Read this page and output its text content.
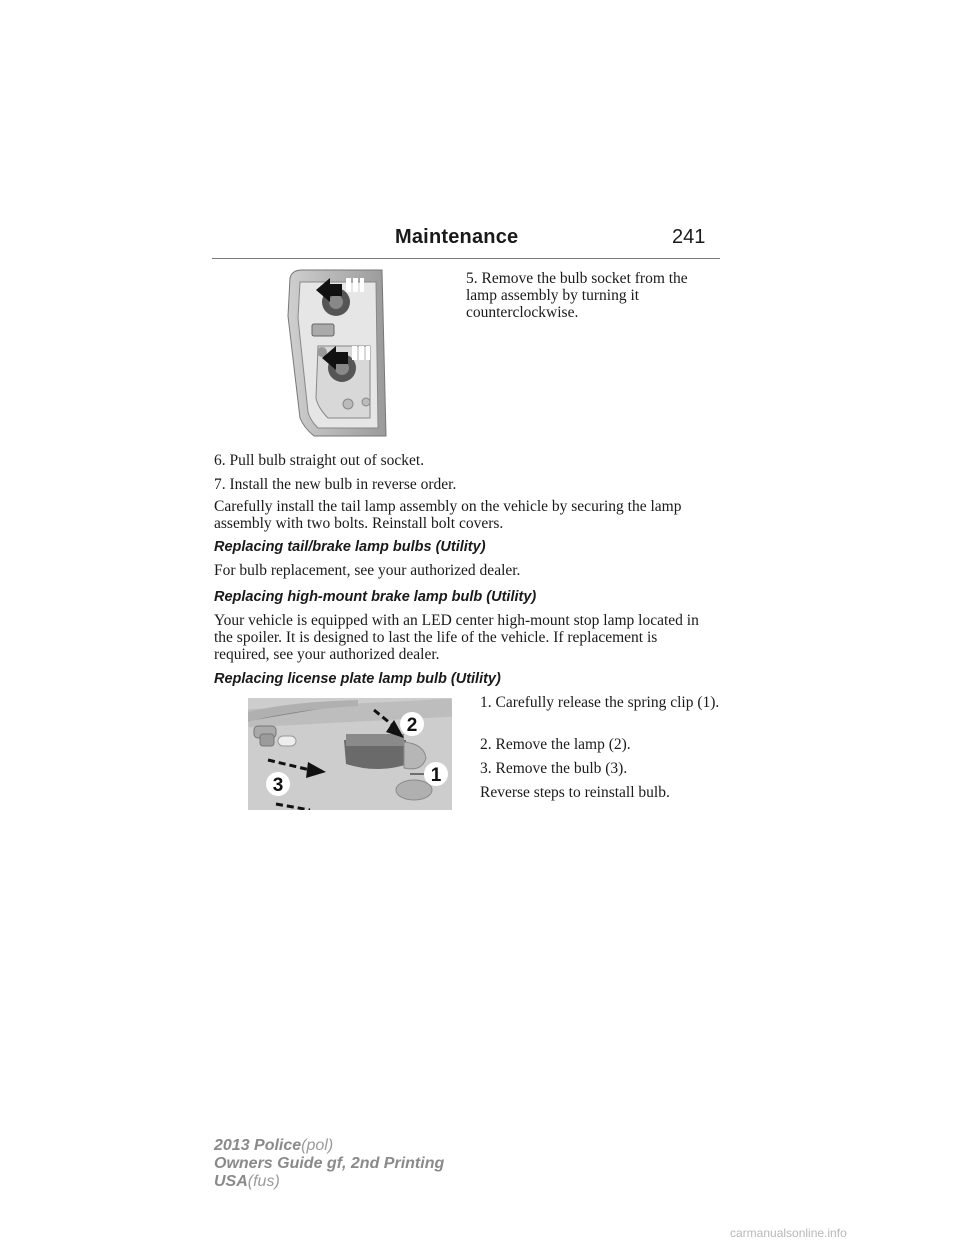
Maintenance	241

5. Remove the bulb socket from the lamp assembly by turning it counterclockwise.

6. Pull bulb straight out of socket.

7. Install the new bulb in reverse order.

Carefully install the tail lamp assembly on the vehicle by securing the lamp assembly with two bolts. Reinstall bolt covers.

Replacing tail/brake lamp bulbs (Utility)

For bulb replacement, see your authorized dealer.

Replacing high-mount brake lamp bulb (Utility)

Your vehicle is equipped with an LED center high-mount stop lamp located in the spoiler. It is designed to last the life of the vehicle. If replacement is required, see your authorized dealer.

Replacing license plate lamp bulb (Utility)

2
3	1

1. Carefully release the spring clip (1).

2. Remove the lamp (2).

3. Remove the bulb (3).

Reverse steps to reinstall bulb.

2013 Police(pol)
Owners Guide gf, 2nd Printing
USA(fus)
carmanualsonline.info
